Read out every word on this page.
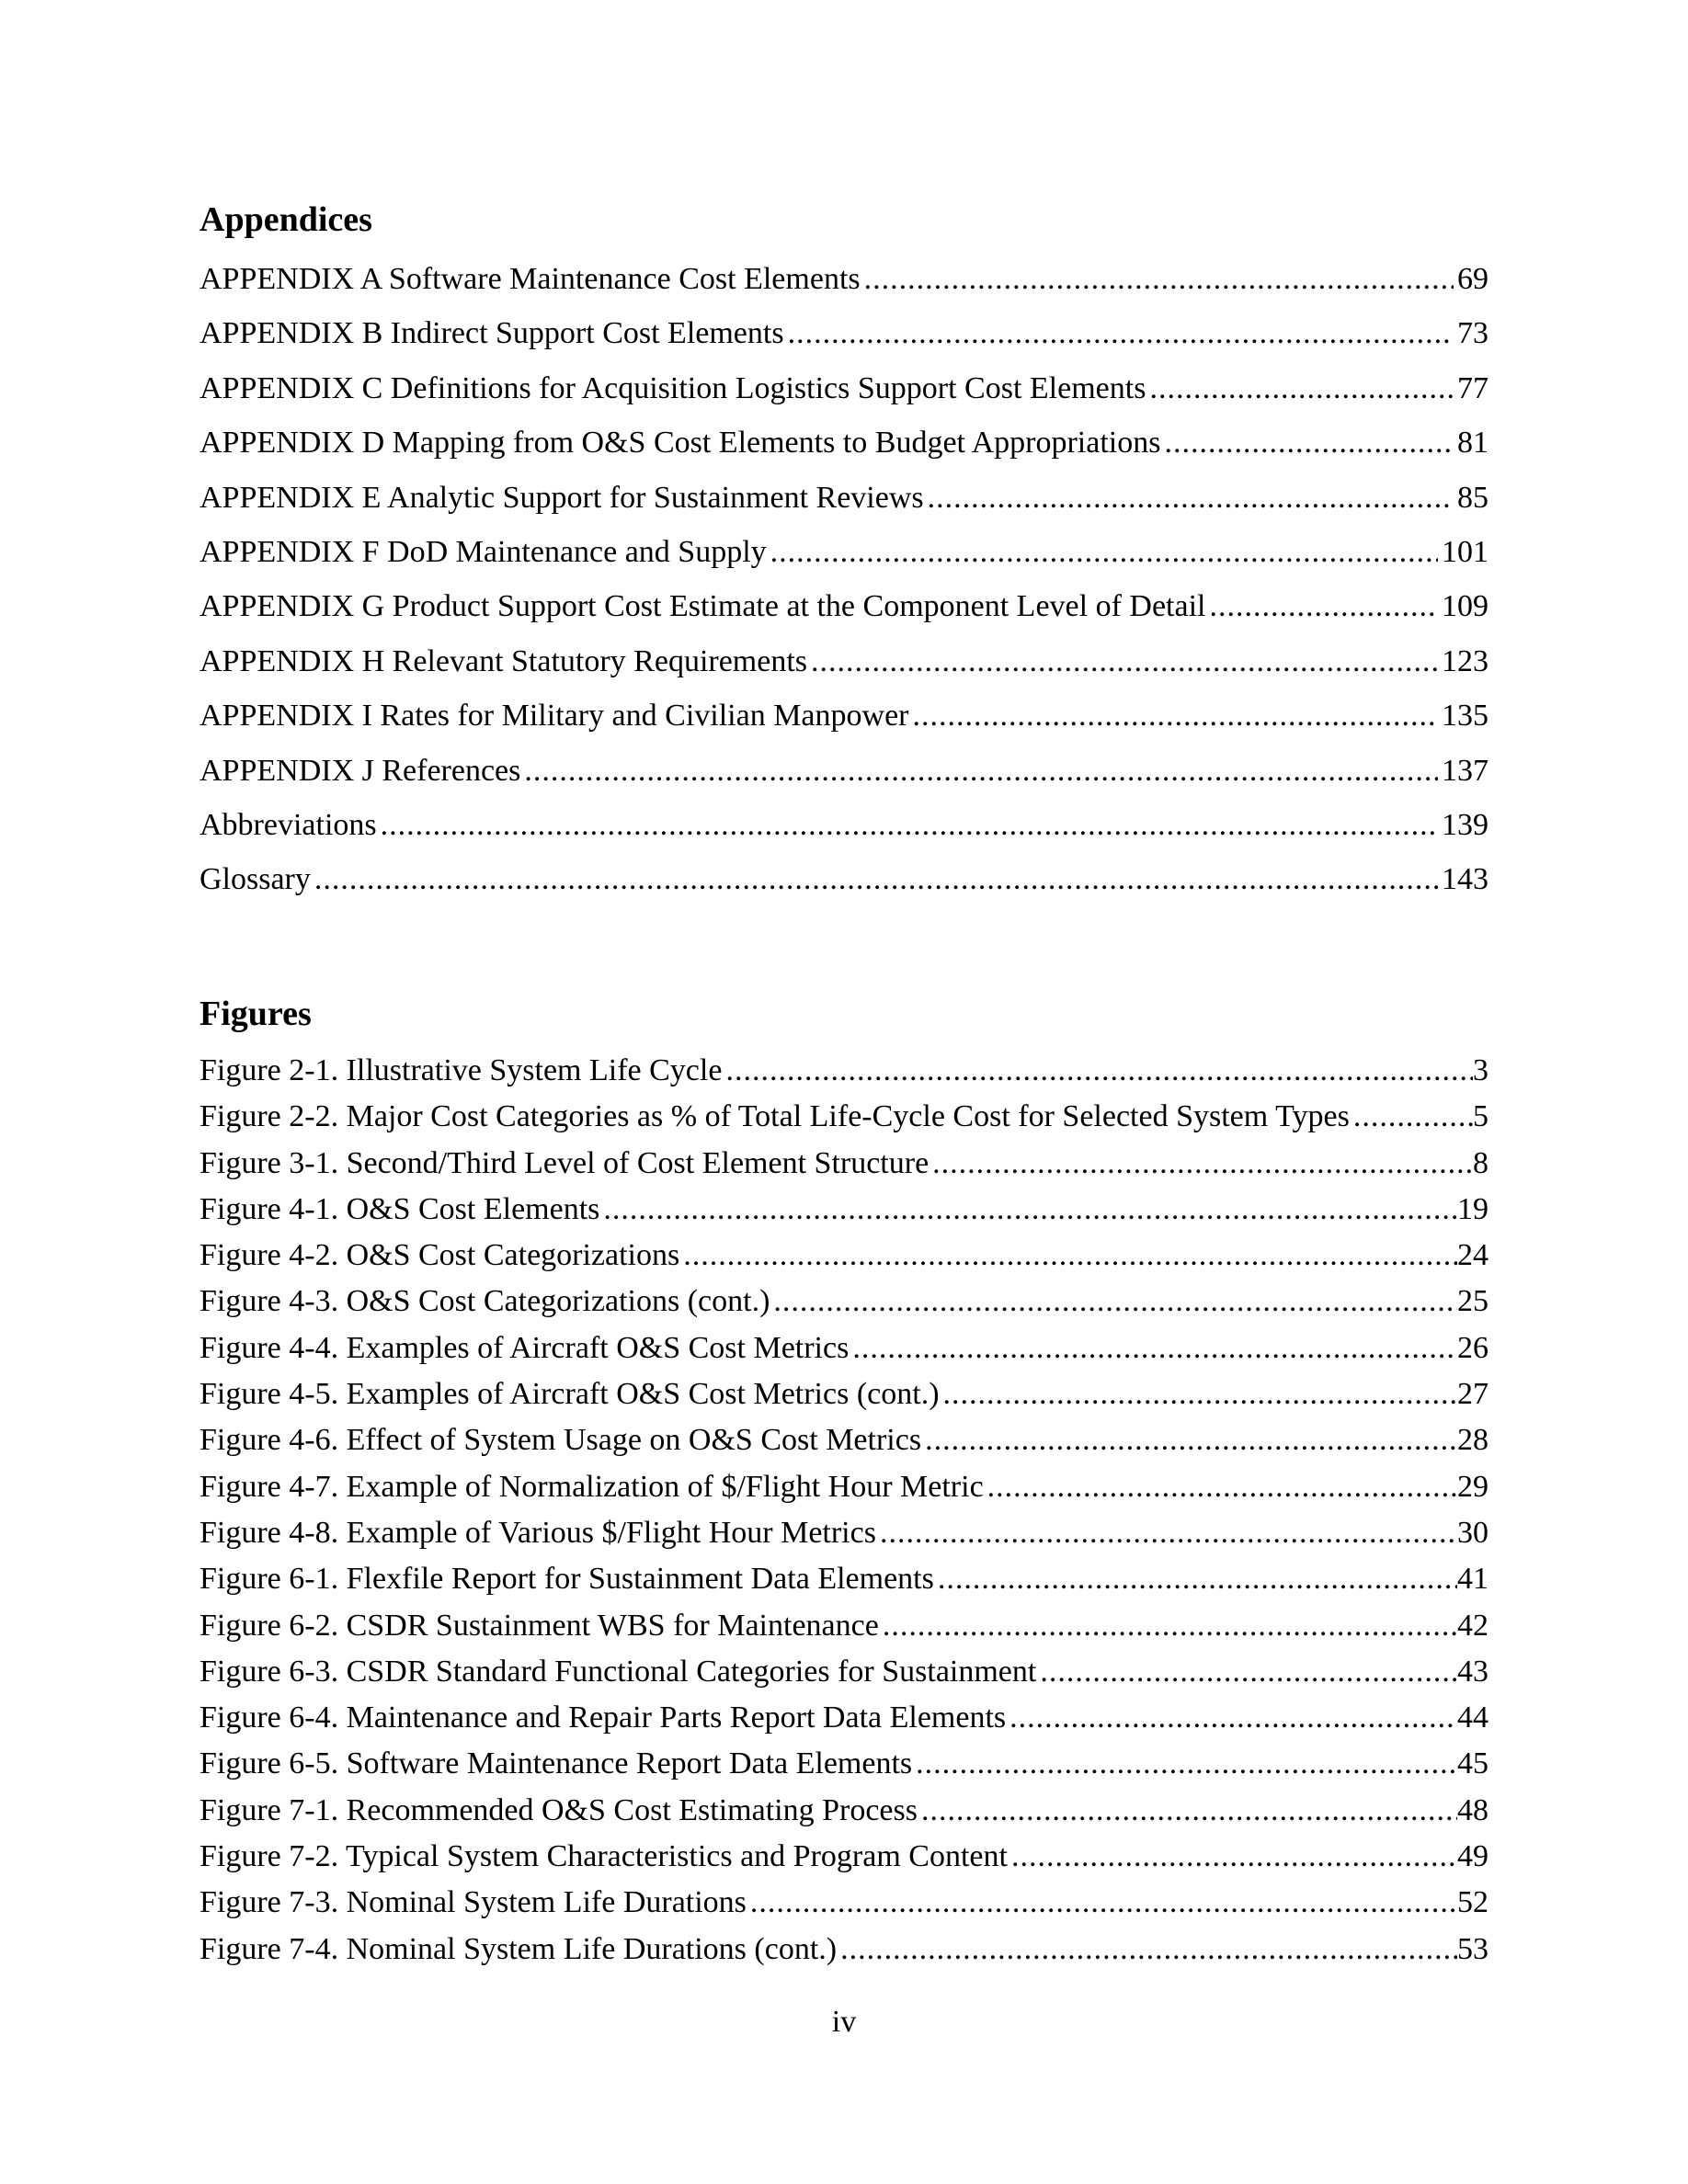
Appendices
APPENDIX A Software Maintenance Cost Elements .....	69
APPENDIX B Indirect Support Cost Elements .....	73
APPENDIX C Definitions for Acquisition Logistics Support Cost Elements .....	77
APPENDIX D Mapping from O&S Cost Elements to Budget Appropriations .....	81
APPENDIX E Analytic Support for Sustainment Reviews .....	85
APPENDIX F DoD Maintenance and Supply .....	101
APPENDIX G Product Support Cost Estimate at the Component Level of Detail .....	109
APPENDIX H Relevant Statutory Requirements .....	123
APPENDIX I Rates for Military and Civilian Manpower .....	135
APPENDIX J References .....	137
Abbreviations .....	139
Glossary .....	143
Figures
Figure 2-1. Illustrative System Life Cycle .....	3
Figure 2-2. Major Cost Categories as % of Total Life-Cycle Cost for Selected System Types .....	5
Figure 3-1. Second/Third Level of Cost Element Structure .....	8
Figure 4-1. O&S Cost Elements .....	19
Figure 4-2. O&S Cost Categorizations .....	24
Figure 4-3. O&S Cost Categorizations (cont.) .....	25
Figure 4-4. Examples of Aircraft O&S Cost Metrics .....	26
Figure 4-5. Examples of Aircraft O&S Cost Metrics (cont.) .....	27
Figure 4-6. Effect of System Usage on O&S Cost Metrics .....	28
Figure 4-7. Example of Normalization of $/Flight Hour Metric .....	29
Figure 4-8. Example of Various $/Flight Hour Metrics .....	30
Figure 6-1. Flexfile Report for Sustainment Data Elements .....	41
Figure 6-2. CSDR Sustainment WBS for Maintenance .....	42
Figure 6-3. CSDR Standard Functional Categories for Sustainment .....	43
Figure 6-4. Maintenance and Repair Parts Report Data Elements .....	44
Figure 6-5. Software Maintenance Report Data Elements .....	45
Figure 7-1. Recommended O&S Cost Estimating Process .....	48
Figure 7-2. Typical System Characteristics and Program Content .....	49
Figure 7-3. Nominal System Life Durations .....	52
Figure 7-4. Nominal System Life Durations (cont.) .....	53
iv
